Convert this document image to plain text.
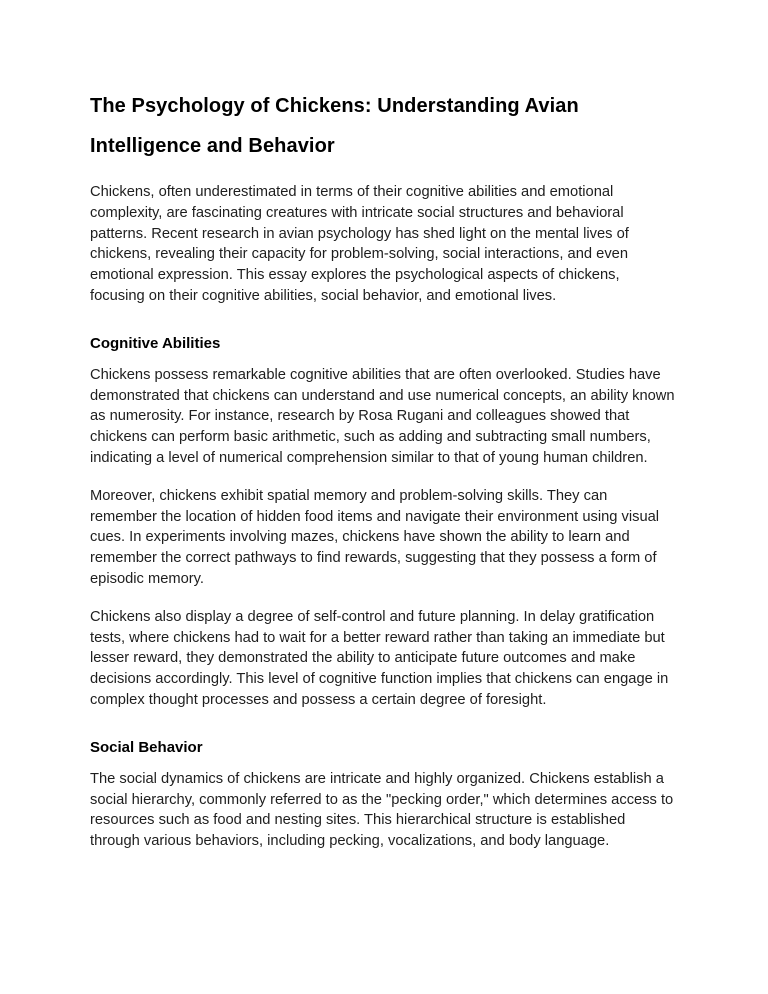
The Psychology of Chickens: Understanding Avian Intelligence and Behavior

Chickens, often underestimated in terms of their cognitive abilities and emotional complexity, are fascinating creatures with intricate social structures and behavioral patterns. Recent research in avian psychology has shed light on the mental lives of chickens, revealing their capacity for problem-solving, social interactions, and even emotional expression. This essay explores the psychological aspects of chickens, focusing on their cognitive abilities, social behavior, and emotional lives.

Cognitive Abilities

Chickens possess remarkable cognitive abilities that are often overlooked. Studies have demonstrated that chickens can understand and use numerical concepts, an ability known as numerosity. For instance, research by Rosa Rugani and colleagues showed that chickens can perform basic arithmetic, such as adding and subtracting small numbers, indicating a level of numerical comprehension similar to that of young human children.

Moreover, chickens exhibit spatial memory and problem-solving skills. They can remember the location of hidden food items and navigate their environment using visual cues. In experiments involving mazes, chickens have shown the ability to learn and remember the correct pathways to find rewards, suggesting that they possess a form of episodic memory.

Chickens also display a degree of self-control and future planning. In delay gratification tests, where chickens had to wait for a better reward rather than taking an immediate but lesser reward, they demonstrated the ability to anticipate future outcomes and make decisions accordingly. This level of cognitive function implies that chickens can engage in complex thought processes and possess a certain degree of foresight.

Social Behavior

The social dynamics of chickens are intricate and highly organized. Chickens establish a social hierarchy, commonly referred to as the "pecking order," which determines access to resources such as food and nesting sites. This hierarchical structure is established through various behaviors, including pecking, vocalizations, and body language.
